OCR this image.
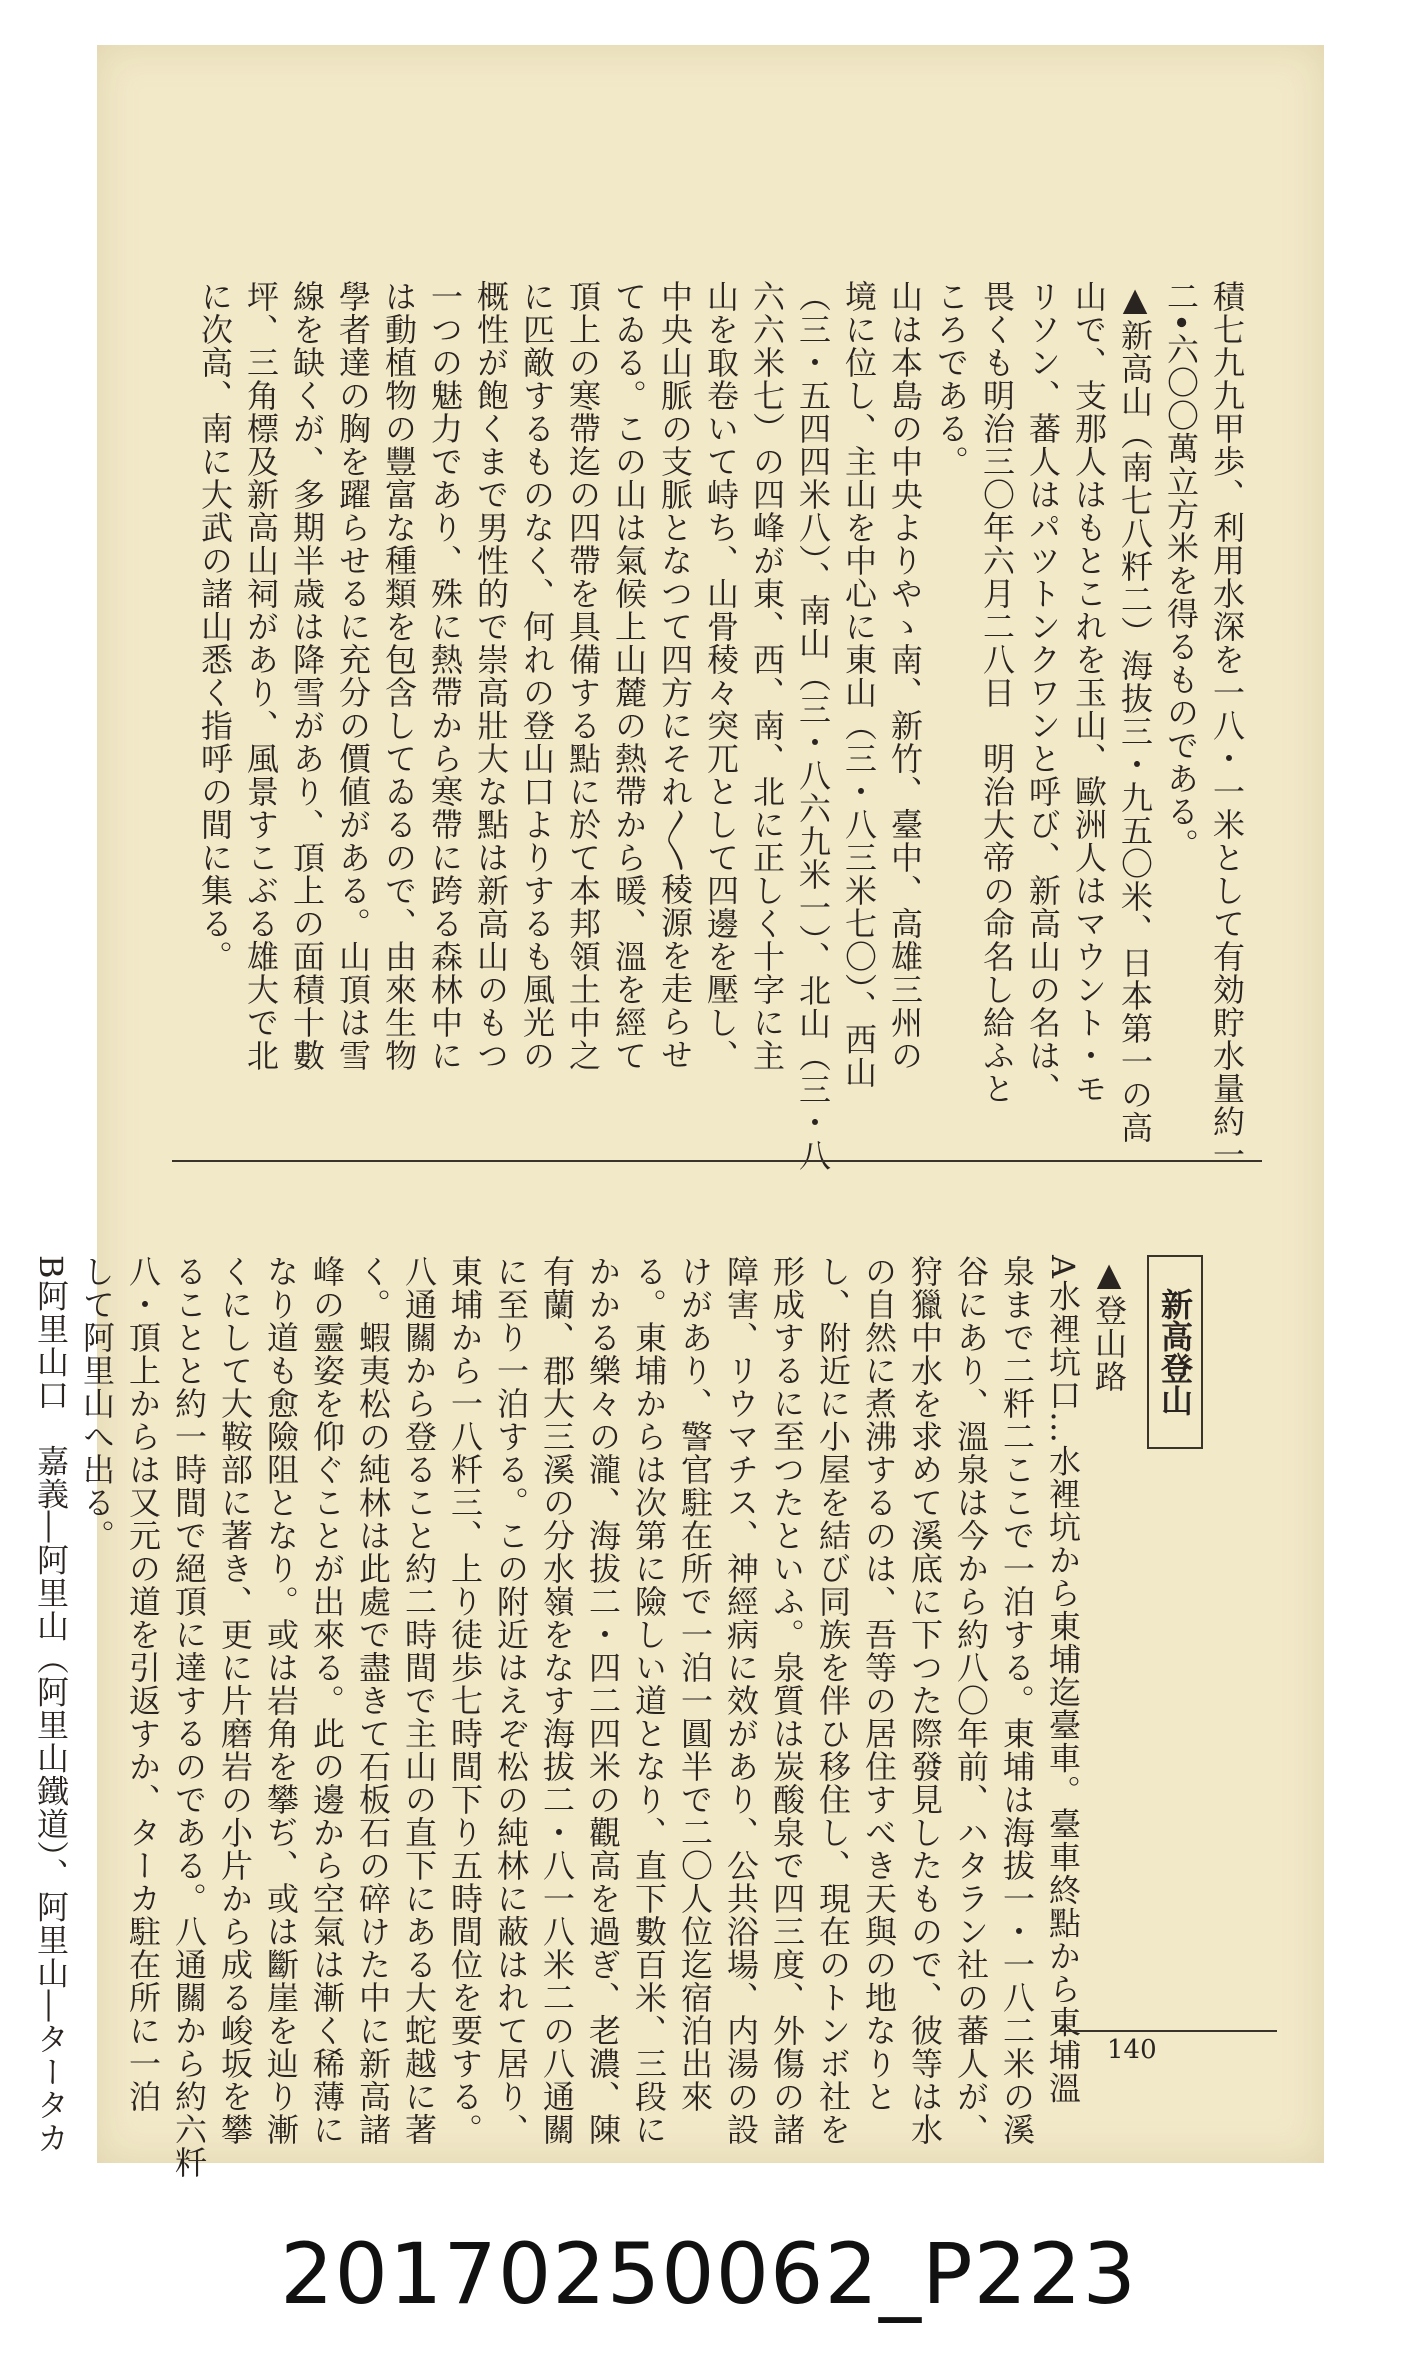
積七九九甲歩、利用水深を一八・一米として有効貯水量約一
二•六〇〇萬立方米を得るものである。
▲新高山（南七八粁二）海抜三・九五〇米、日本第一の高
山で、支那人はもとこれを玉山、歐洲人はマウント・モ
リソン、蕃人はパツトンクワンと呼び、新高山の名は、
畏くも明治三〇年六月二八日　明治大帝の命名し給ふと
ころである。
山は本島の中央よりやゝ南、新竹、臺中、高雄三州の
境に位し、主山を中心に東山（三・八三米七〇）、西山
（三・五四四米八）、南山（三・八六九米一）、北山（三・八
六六米七）の四峰が東、西、南、北に正しく十字に主
山を取卷いて峙ち、山骨稜々突兀として四邊を壓し、
中央山脈の支脈となつて四方にそれ〳〵稜源を走らせ
てゐる。この山は氣候上山麓の熱帶から暖、溫を經て
頂上の寒帶迄の四帶を具備する點に於て本邦領土中之
に匹敵するものなく、何れの登山口よりするも風光の
概性が飽くまで男性的で崇高壯大な點は新高山のもつ
一つの魅力であり、殊に熱帶から寒帶に跨る森林中に
は動植物の豐富な種類を包含してゐるので、由來生物
學者達の胸を躍らせるに充分の價値がある。山頂は雪
線を缺くが、多期半歳は降雪があり、頂上の面積十數
坪、三角標及新高山祠があり、風景すこぶる雄大で北
に次高、南に大武の諸山悉く指呼の間に集る。
新高登山
▲登山路
A水裡坑口…水裡坑から東埔迄臺車。臺車終點から東埔溫
泉まで二粁二ここで一泊する。東埔は海拔一・一八二米の溪
谷にあり、溫泉は今から約八〇年前、ハタラン社の蕃人が、
狩獵中水を求めて溪底に下つた際發見したもので、彼等は水
の自然に煮沸するのは、吾等の居住すべき天與の地なりと
し、附近に小屋を結び同族を伴ひ移住し、現在のトンボ社を
形成するに至つたといふ。泉質は炭酸泉で四三度、外傷の諸
障害、リウマチス、神經病に效があり、公共浴場、内湯の設
けがあり、警官駐在所で一泊一圓半で二〇人位迄宿泊出來
る。東埔からは次第に險しい道となり、直下數百米、三段に
かかる樂々の瀧、海拔二・四二四米の觀高を過ぎ、老濃、陳
有蘭、郡大三溪の分水嶺をなす海拔二・八一八米二の八通關
に至り一泊する。この附近はえぞ松の純林に蔽はれて居り、
東埔から一八粁三、上り徒歩七時間下り五時間位を要する。
八通關から登ること約二時間で主山の直下にある大蛇越に著
く。蝦夷松の純林は此處で盡きて石板石の碎けた中に新高諸
峰の靈姿を仰ぐことが出來る。此の邊から空氣は漸く稀薄に
なり道も愈險阻となり。或は岩角を攀ぢ、或は斷崖を辿り漸
くにして大鞍部に著き、更に片磨岩の小片から成る峻坂を攀
ることと約一時間で絕頂に達するのである。八通關から約六粁
八・頂上からは又元の道を引返すか、ターカ駐在所に一泊
して阿里山へ出る。
B阿里山口　嘉義―阿里山（阿里山鐵道）、阿里山―タータカ	140
20170250062_P223
